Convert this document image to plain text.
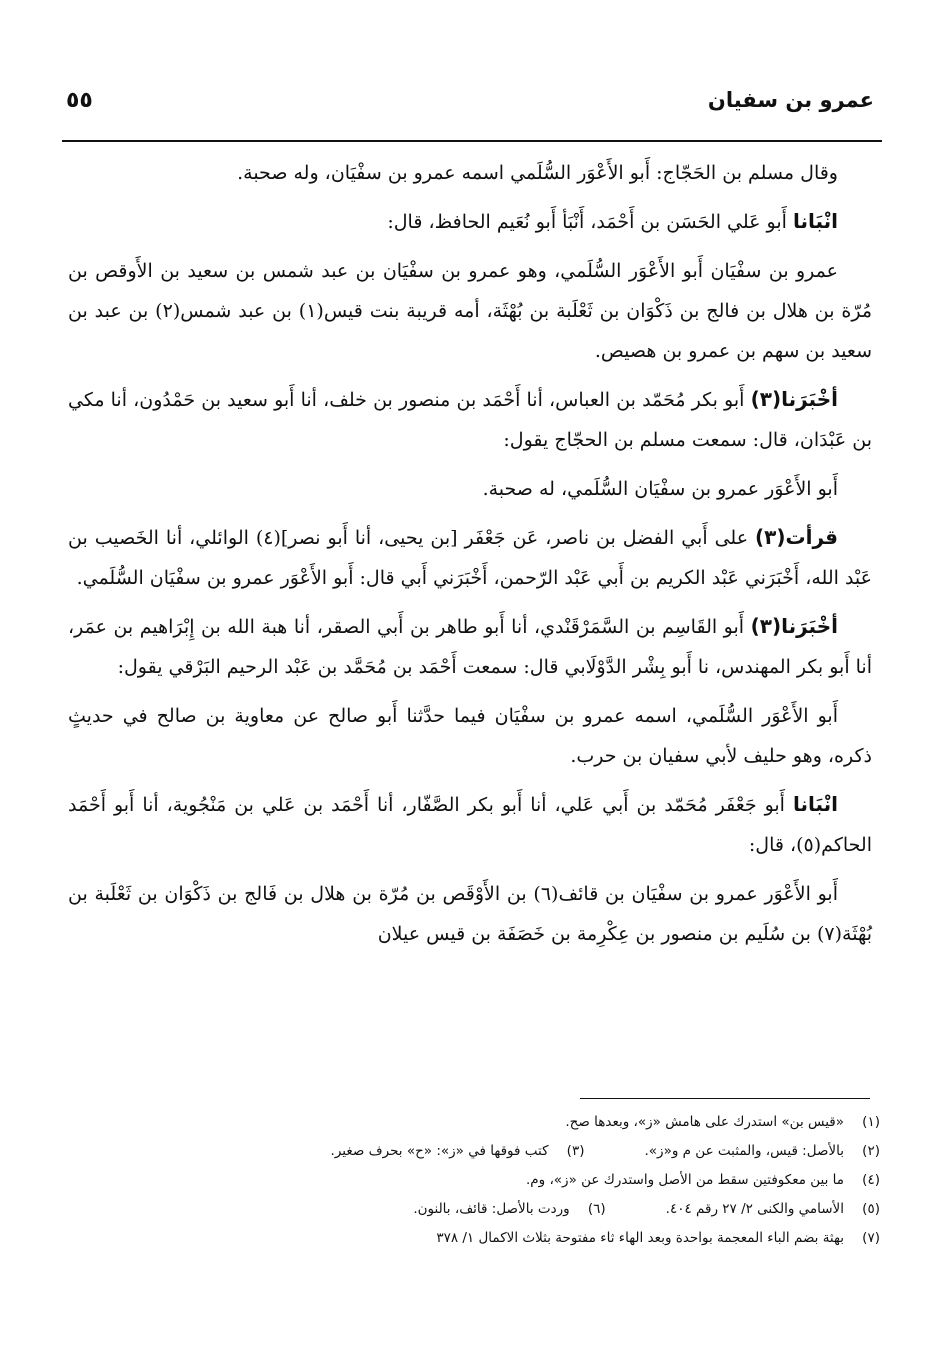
عمرو بن سفيان
٥٥

وقال مسلم بن الحَجّاج: أَبو الأَعْوَر السُّلَمي اسمه عمرو بن سفْيَان، وله صحبة.

انْبَانا أَبو عَلي الحَسَن بن أَحْمَد، أَنْبَأ أَبو نُعَيم الحافظ، قال:

عمرو بن سفْيَان أَبو الأَعْوَر السُّلَمي، وهو عمرو بن سفْيَان بن عبد شمس بن سعيد بن الأَوقص بن مُرّة بن هلال بن فالج بن ذَكْوَان بن ثَعْلَبة بن بُهْثَة، أمه قريبة بنت قيس(١) بن عبد شمس(٢) بن عبد بن سعيد بن سهم بن عمرو بن هصيص.

أخْبَرَنا(٣) أَبو بكر مُحَمّد بن العباس، أنا أَحْمَد بن منصور بن خلف، أنا أَبو سعيد بن حَمْدُون، أنا مكي بن عَبْدَان، قال: سمعت مسلم بن الحجّاج يقول:

أَبو الأَعْوَر عمرو بن سفْيَان السُّلَمي، له صحبة.

قرأت(٣) على أَبي الفضل بن ناصر، عَن جَعْفَر [بن يحيى، أنا أَبو نصر](٤) الوائلي، أنا الخَصيب بن عَبْد الله، أَخْبَرَني عَبْد الكريم بن أَبي عَبْد الرّحمن، أَخْبَرَني أَبي قال: أَبو الأَعْوَر عمرو بن سفْيَان السُّلَمي.

أخْبَرَنا(٣) أَبو القَاسِم بن السَّمَرْقَنْدي، أنا أَبو طاهر بن أَبي الصقر، أنا هبة الله بن إِبْرَاهيم بن عمَر، أنا أَبو بكر المهندس، نا أَبو بِشْر الدَّوْلَابي قال: سمعت أَحْمَد بن مُحَمَّد بن عَبْد الرحيم البَرْقي يقول:

أَبو الأَعْوَر السُّلَمي، اسمه عمرو بن سفْيَان فيما حدَّثنا أَبو صالح عن معاوية بن صالح في حديثٍ ذكره، وهو حليف لأبي سفيان بن حرب.

انْبَانا أَبو جَعْفَر مُحَمّد بن أَبي عَلي، أنا أَبو بكر الصَّفّار، أنا أَحْمَد بن عَلي بن مَنْجُوية، أنا أَبو أَحْمَد الحاكم(٥)، قال:

أَبو الأَعْوَر عمرو بن سفْيَان بن قائف(٦) بن الأَوْقَص بن مُرّة بن هلال بن فَالج بن ذَكْوَان بن ثَعْلَبة بن بُهْثَة(٧) بن سُلَيم بن منصور بن عِكْرِمة بن خَصَفَة بن قيس عيلان

(١)«قيس بن» استدرك على هامش «ز»، وبعدها صح.
(٢)بالأصل: قيس، والمثبت عن م و«ز».(٣)كتب فوقها في «ز»: «ح» بحرف صغير.
(٤)ما بين معكوفتين سقط من الأصل واستدرك عن «ز»، وم.
(٥)الأسامي والكنى ٢/ ٢٧ رقم ٤٠٤.(٦)وردت بالأصل: قائف، بالنون.
(٧)بهثة بضم الباء المعجمة بواحدة وبعد الهاء ثاء مفتوحة بثلاث الاكمال ١/ ٣٧٨
